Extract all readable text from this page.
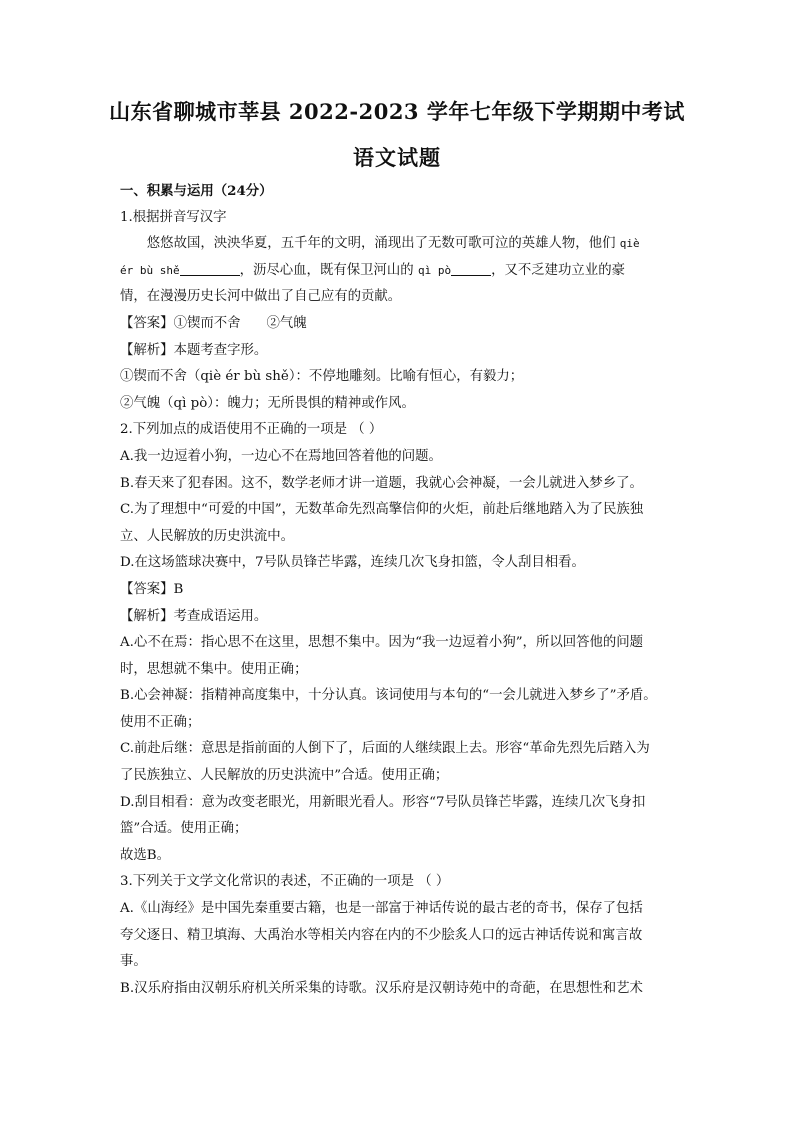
山东省聊城市莘县 2022-2023 学年七年级下学期期中考试
语文试题

一、积累与运用（24分）

1.根据拼音写汉字

悠悠故国，泱泱华夏，五千年的文明，涌现出了无数可歌可泣的英雄人物，他们 qiè

ér bù shě	，沥尽心血，既有保卫河山的 qì pò	，又不乏建功立业的豪

情，在漫漫历史长河中做出了自己应有的贡献。

【答案】①锲而不舍 ②气魄

【解析】本题考查字形。

①锲而不舍（qiè ér bù shě）：不停地雕刻。比喻有恒心，有毅力；

②气魄（qì pò）：魄力；无所畏惧的精神或作风。

2.下列加点的成语使用不正确的一项是 （ ）

A.我一边逗着小狗，一边心不在焉地回答着他的问题。

B.春天来了犯春困。这不，数学老师才讲一道题，我就心会神凝，一会儿就进入梦乡了。

C.为了理想中“可爱的中国”，无数革命先烈高擎信仰的火炬，前赴后继地踏入为了民族独

立、人民解放的历史洪流中。

D.在这场篮球决赛中，7号队员锋芒毕露，连续几次飞身扣篮，令人刮目相看。

【答案】B

【解析】考查成语运用。

A.心不在焉：指心思不在这里，思想不集中。因为“我一边逗着小狗”，所以回答他的问题

时，思想就不集中。使用正确；

B.心会神凝：指精神高度集中，十分认真。该词使用与本句的“一会儿就进入梦乡了”矛盾。

使用不正确；

C.前赴后继：意思是指前面的人倒下了，后面的人继续跟上去。形容“革命先烈先后踏入为

了民族独立、人民解放的历史洪流中”合适。使用正确；

D.刮目相看：意为改变老眼光，用新眼光看人。形容“7号队员锋芒毕露，连续几次飞身扣

篮”合适。使用正确；

故选B。

3.下列关于文学文化常识的表述，不正确的一项是 （ ）

A.《山海经》是中国先秦重要古籍，也是一部富于神话传说的最古老的奇书，保存了包括

夸父逐日、精卫填海、大禹治水等相关内容在内的不少脍炙人口的远古神话传说和寓言故

事。

B.汉乐府指由汉朝乐府机关所采集的诗歌。汉乐府是汉朝诗苑中的奇葩，在思想性和艺术
